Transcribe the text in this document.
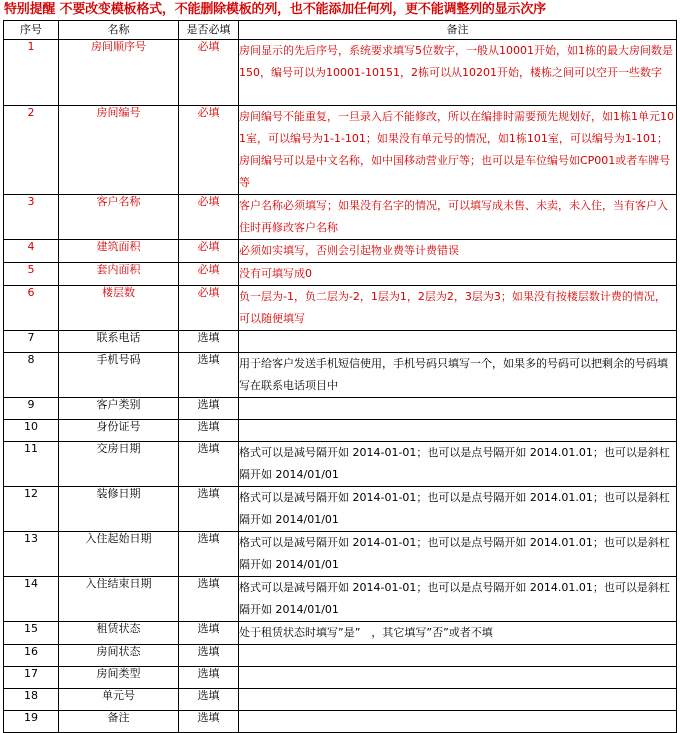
特别提醒 不要改变模板格式，不能删除模板的列，也不能添加任何列，更不能调整列的显示次序
序号	名称	是否必填	备注
1	房间顺序号	必填	房间显示的先后序号，系统要求填写5位数字，一般从10001开始，如1栋的最大房间数是150，编号可以为10001-10151，2栋可以从10201开始，楼栋之间可以空开一些数字
2	房间编号	必填	房间编号不能重复，一旦录入后不能修改，所以在编排时需要预先规划好，如1栋1单元101室，可以编号为1-1-101；如果没有单元号的情况，如1栋101室，可以编号为1-101；房间编号可以是中文名称，如中国移动营业厅等；也可以是车位编号如CP001或者车牌号等
3	客户名称	必填	客户名称必须填写；如果没有名字的情况，可以填写成未售、未卖，未入住，当有客户入住时再修改客户名称
4	建筑面积	必填	必须如实填写，否则会引起物业费等计费错误
5	套内面积	必填	没有可填写成0
6	楼层数	必填	负一层为-1，负二层为-2，1层为1，2层为2，3层为3；如果没有按楼层数计费的情况，可以随便填写
7	联系电话	选填	
8	手机号码	选填	用于给客户发送手机短信使用，手机号码只填写一个，如果多的号码可以把剩余的号码填写在联系电话项目中
9	客户类别	选填	
10	身份证号	选填	
11	交房日期	选填	格式可以是减号隔开如 2014-01-01；也可以是点号隔开如 2014.01.01；也可以是斜杠隔开如 2014/01/01
12	装修日期	选填	格式可以是减号隔开如 2014-01-01；也可以是点号隔开如 2014.01.01；也可以是斜杠隔开如 2014/01/01
13	入住起始日期	选填	格式可以是减号隔开如 2014-01-01；也可以是点号隔开如 2014.01.01；也可以是斜杠隔开如 2014/01/01
14	入住结束日期	选填	格式可以是减号隔开如 2014-01-01；也可以是点号隔开如 2014.01.01；也可以是斜杠隔开如 2014/01/01
15	租赁状态	选填	处于租赁状态时填写”是”　，其它填写”否”或者不填
16	房间状态	选填	
17	房间类型	选填	
18	单元号	选填	
19	备注	选填	
